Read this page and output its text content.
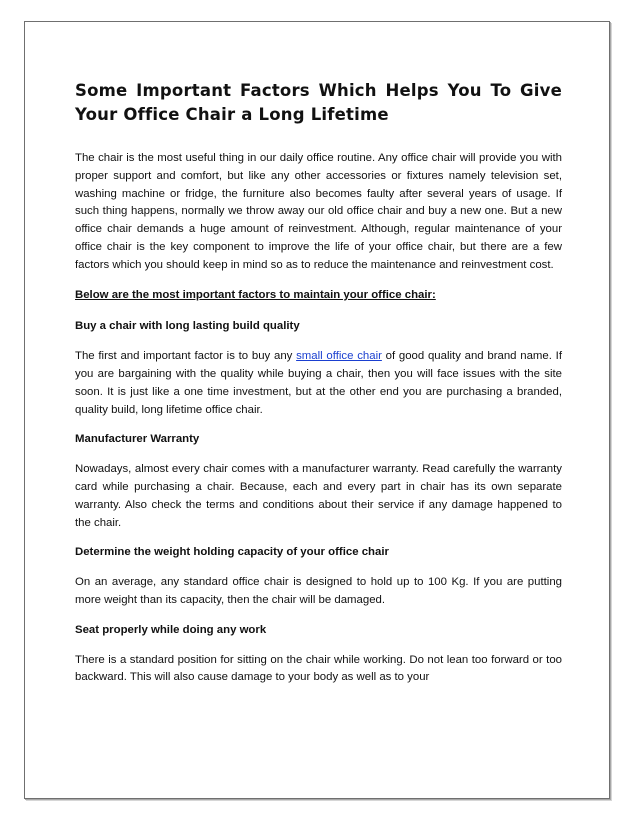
Some Important Factors Which Helps You To Give Your Office Chair a Long Lifetime

The chair is the most useful thing in our daily office routine. Any office chair will provide you with proper support and comfort, but like any other accessories or fixtures namely television set, washing machine or fridge, the furniture also becomes faulty after several years of usage. If such thing happens, normally we throw away our old office chair and buy a new one. But a new office chair demands a huge amount of reinvestment. Although, regular maintenance of your office chair is the key component to improve the life of your office chair, but there are a few factors which you should keep in mind so as to reduce the maintenance and reinvestment cost.

Below are the most important factors to maintain your office chair:

Buy a chair with long lasting build quality

The first and important factor is to buy any small office chair of good quality and brand name. If you are bargaining with the quality while buying a chair, then you will face issues with the site soon. It is just like a one time investment, but at the other end you are purchasing a branded, quality build, long lifetime office chair.

Manufacturer Warranty

Nowadays, almost every chair comes with a manufacturer warranty. Read carefully the warranty card while purchasing a chair. Because, each and every part in chair has its own separate warranty. Also check the terms and conditions about their service if any damage happened to the chair.

Determine the weight holding capacity of your office chair

On an average, any standard office chair is designed to hold up to 100 Kg. If you are putting more weight than its capacity, then the chair will be damaged.

Seat properly while doing any work

There is a standard position for sitting on the chair while working. Do not lean too forward or too backward. This will also cause damage to your body as well as to your
